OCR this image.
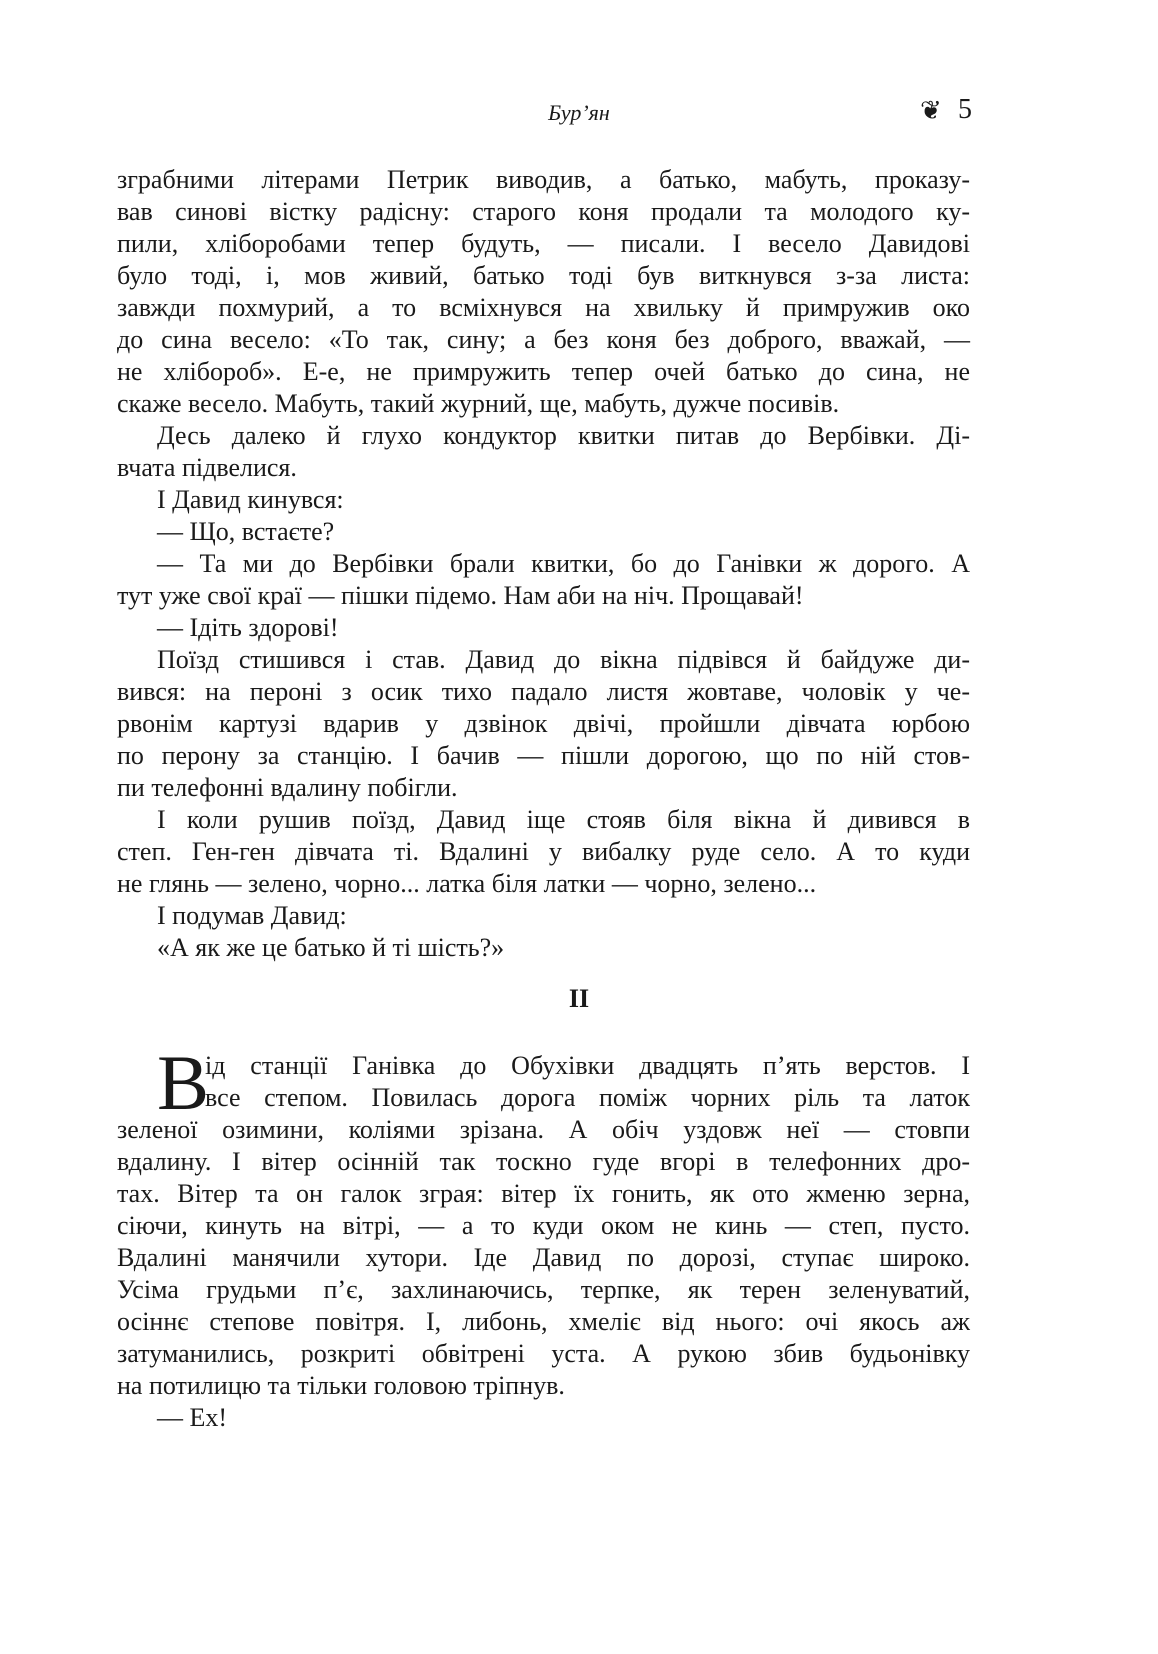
Бур’ян	❦ 5
зграбними літерами Петрик виводив, а батько, мабуть, проказу-
вав синові вістку радісну: старого коня продали та молодого ку-
пили, хліборобами тепер будуть, — писали. І весело Давидові
було тоді, і, мов живий, батько тоді був виткнувся з-за листа:
завжди похмурий, а то всміхнувся на хвильку й примружив око
до сина весело: «То так, сину; а без коня без доброго, вважай, —
не хлібороб». Е-е, не примружить тепер очей батько до сина, не
скаже весело. Мабуть, такий журний, ще, мабуть, дужче посивів.
Десь далеко й глухо кондуктор квитки питав до Вербівки. Ді-
вчата підвелися.
І Давид кинувся:
— Що, встаєте?
— Та ми до Вербівки брали квитки, бо до Ганівки ж дорого. А
тут уже свої краї — пішки підемо. Нам аби на ніч. Прощавай!
— Ідіть здорові!
Поїзд стишився і став. Давид до вікна підвівся й байдуже ди-
вився: на пероні з осик тихо падало листя жовтаве, чоловік у че-
рвонім картузі вдарив у дзвінок двічі, пройшли дівчата юрбою
по перону за станцію. І бачив — пішли дорогою, що по ній стов-
пи телефонні вдалину побігли.
І коли рушив поїзд, Давид іще стояв біля вікна й дивився в
степ. Ген-ген дівчата ті. Вдалині у вибалку руде село. А то куди
не глянь — зелено, чорно... латка біля латки — чорно, зелено...
І подумав Давид:
«А як же це батько й ті шість?»
II
В
ід станції Ганівка до Обухівки двадцять п’ять верстов. І
все степом. Повилась дорога поміж чорних ріль та латок
зеленої озимини, коліями зрізана. А обіч уздовж неї — стовпи
вдалину. І вітер осінній так тоскно гуде вгорі в телефонних дро-
тах. Вітер та он галок зграя: вітер їх гонить, як ото жменю зерна,
сіючи, кинуть на вітрі, — а то куди оком не кинь — степ, пусто.
Вдалині манячили хутори. Іде Давид по дорозі, ступає широко.
Усіма грудьми п’є, захлинаючись, терпке, як терен зеленуватий,
осіннє степове повітря. І, либонь, хмеліє від нього: очі якось аж
затуманились, розкриті обвітрені уста. А рукою збив будьонівку
на потилицю та тільки головою тріпнув.
— Ех!
